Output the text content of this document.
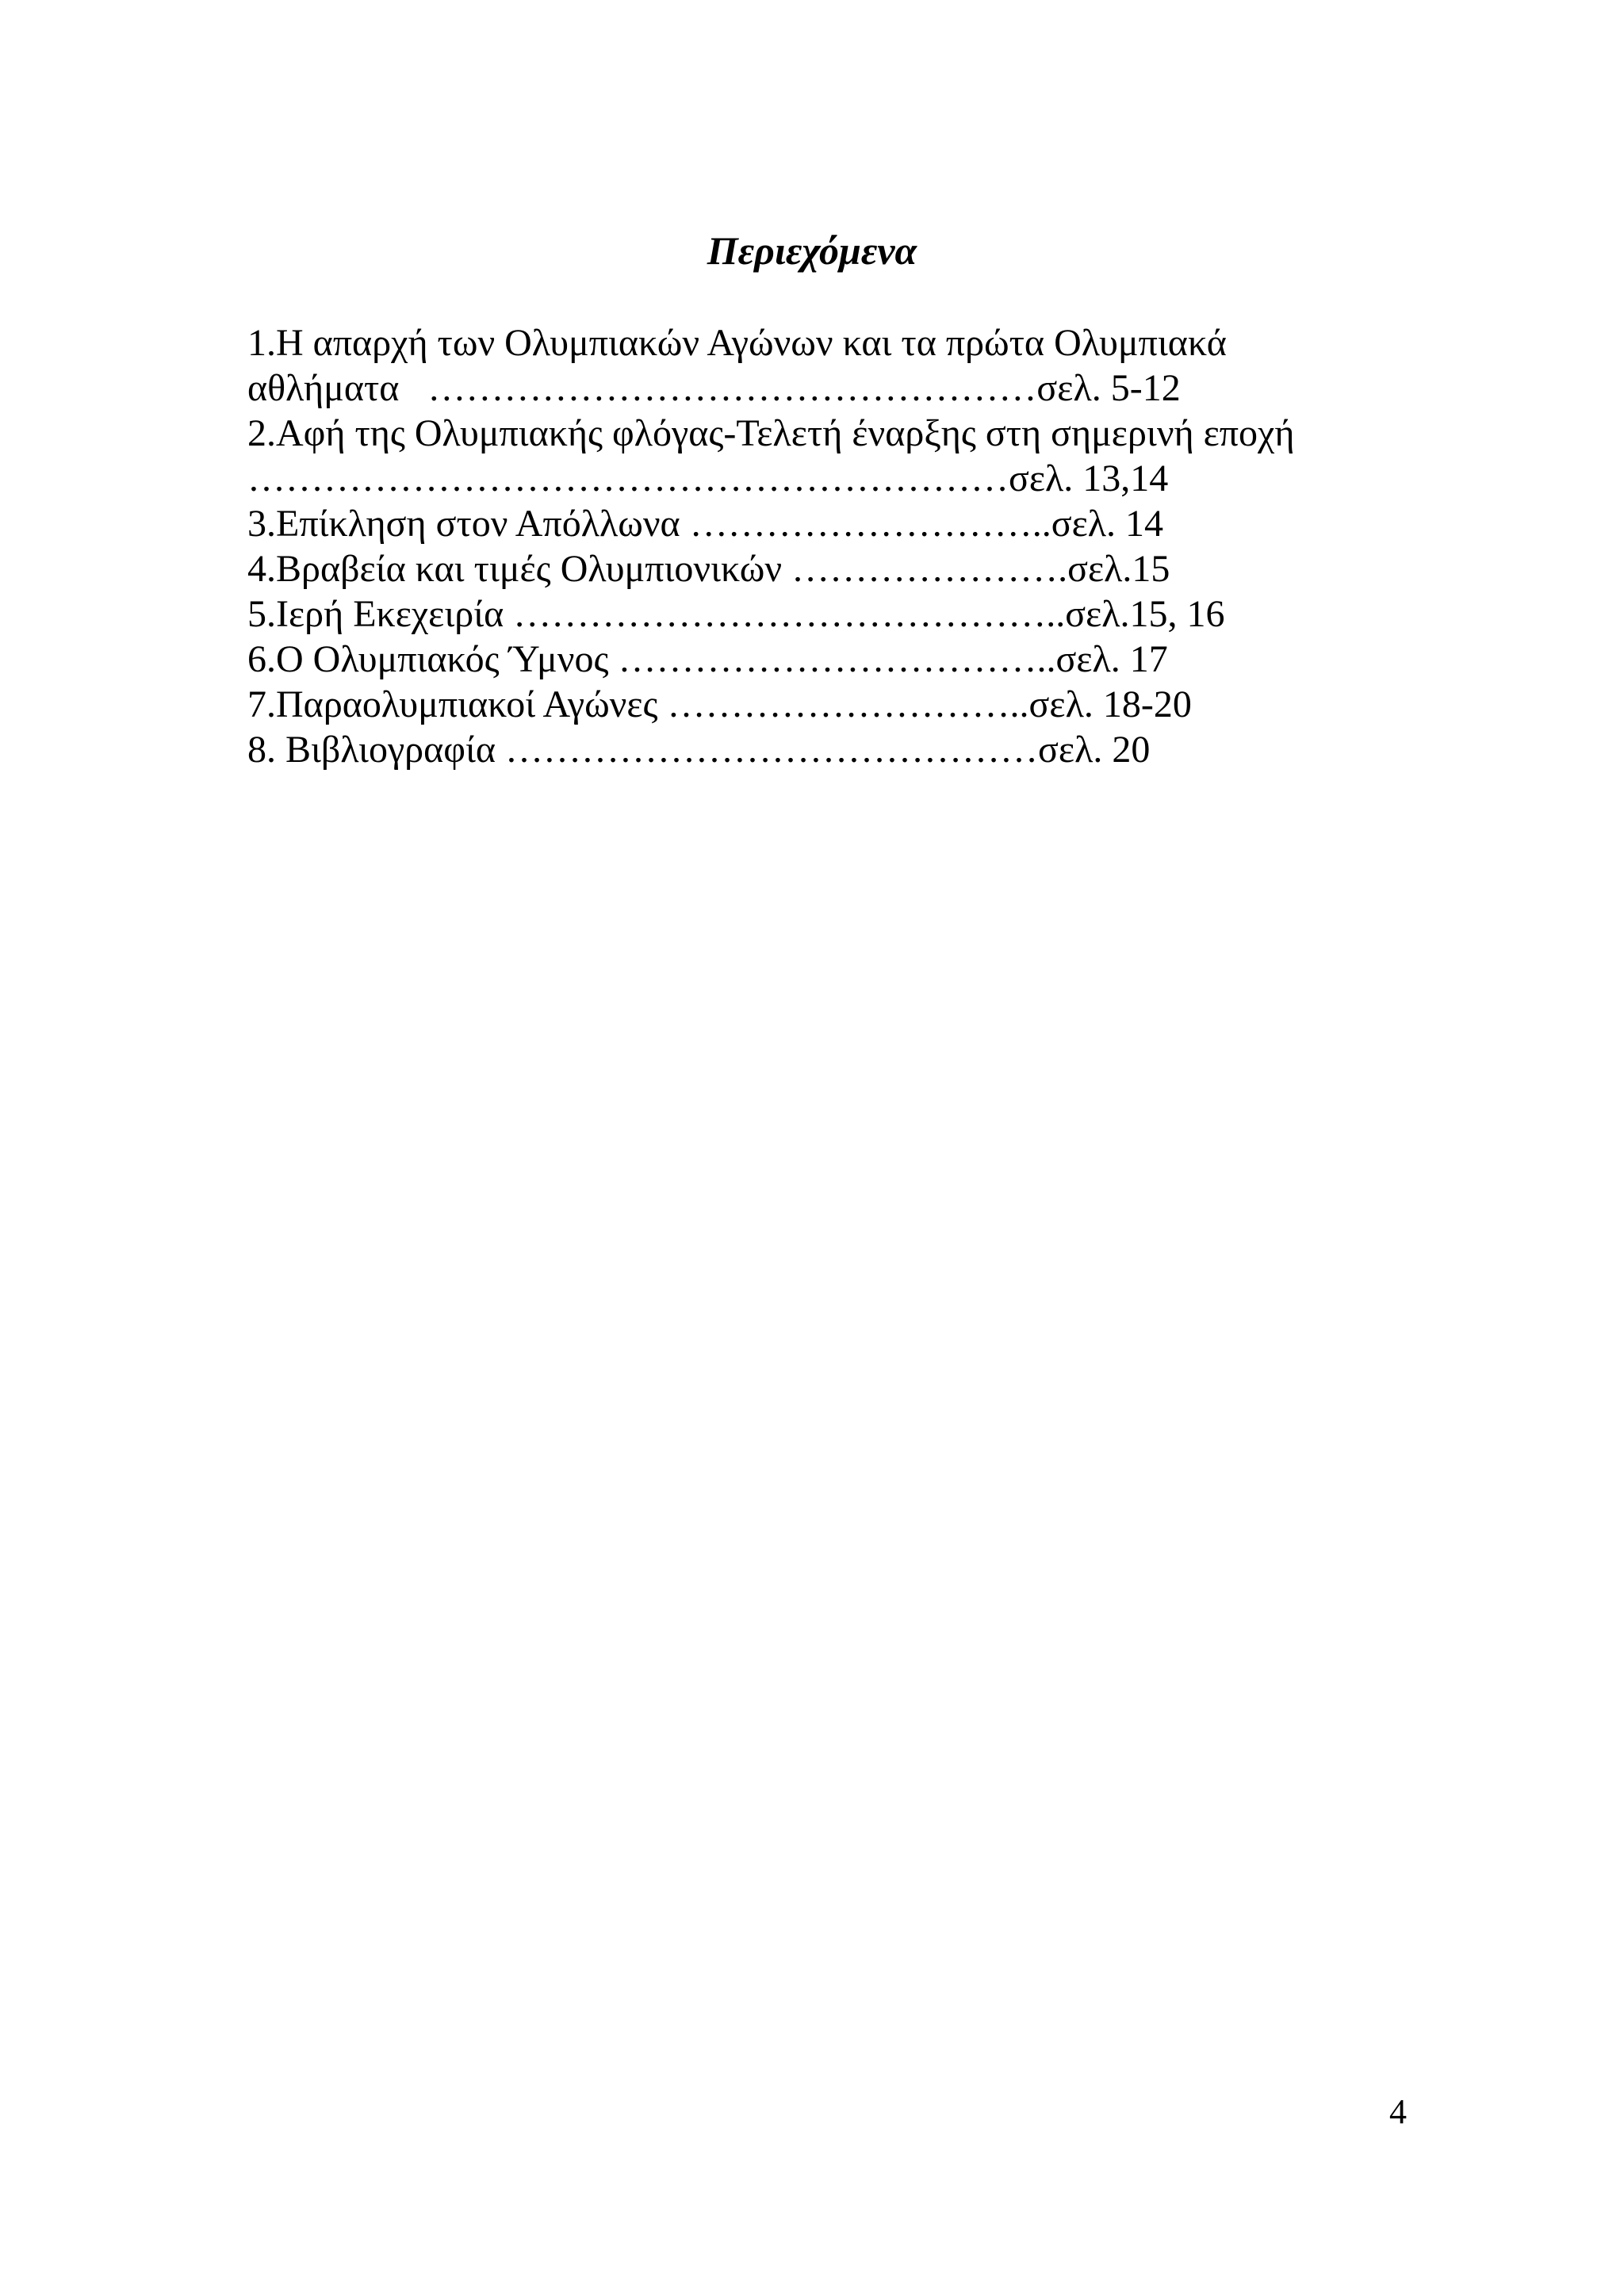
Περιεχόμενα
1.Η απαρχή των Ολυμπιακών Αγώνων και τα πρώτα Ολυμπιακά
αθλήματα   …………………………………………σελ. 5-12
2.Αφή της Ολυμπιακής φλόγας-Τελετή έναρξης στη σημερινή εποχή
……………………………………………………σελ. 13,14
3.Επίκληση στον Απόλλωνα ………………………..σελ. 14
4.Βραβεία και τιμές Ολυμπιονικών ………………….σελ.15
5.Ιερή Εκεχειρία ……………………………………..σελ.15, 16
6.Ο Ολυμπιακός Ύμνος ……………………………..σελ. 17
7.Παραολυμπιακοί Αγώνες ………………………..σελ. 18-20
8. Βιβλιογραφία ……………………………………σελ. 20
4
